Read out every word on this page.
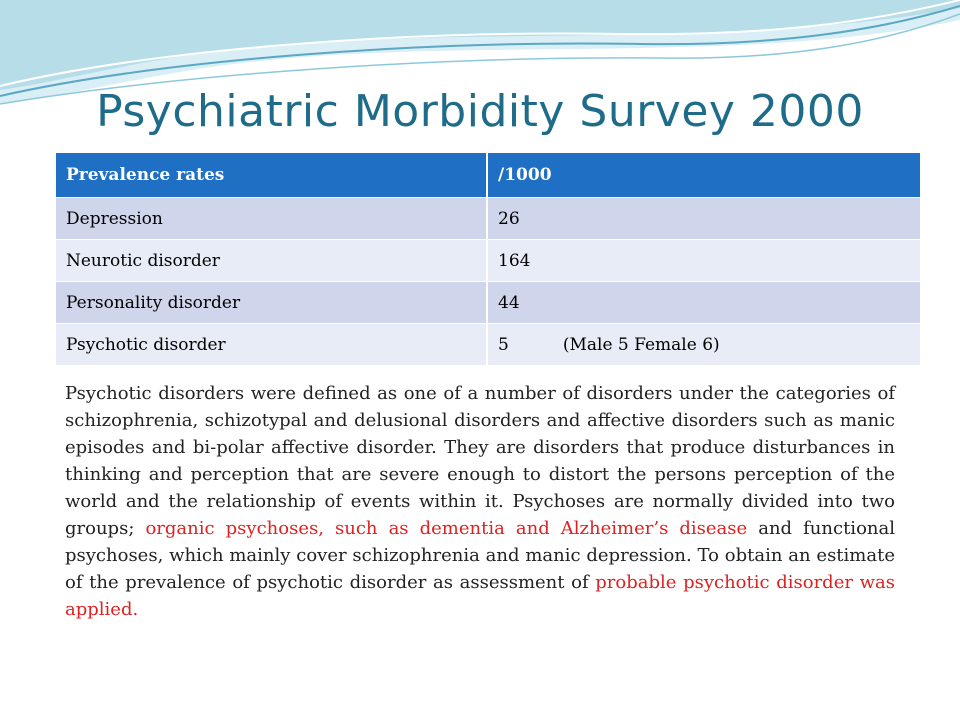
Psychiatric Morbidity Survey 2000
Prevalence rates	/1000
Depression	26
Neurotic disorder	164
Personality disorder	44
Psychotic disorder	5 (Male 5 Female 6)
Psychotic disorders were defined as one of a number of disorders under the categories of schizophrenia, schizotypal and delusional disorders and affective disorders such as manic episodes and bi-polar affective disorder. They are disorders that produce disturbances in thinking and perception that are severe enough to distort the persons perception of the world and the relationship of events within it. Psychoses are normally divided into two groups; organic psychoses, such as dementia and Alzheimer’s disease and functional psychoses, which mainly cover schizophrenia and manic depression. To obtain an estimate of the prevalence of psychotic disorder as assessment of probable psychotic disorder was applied.
